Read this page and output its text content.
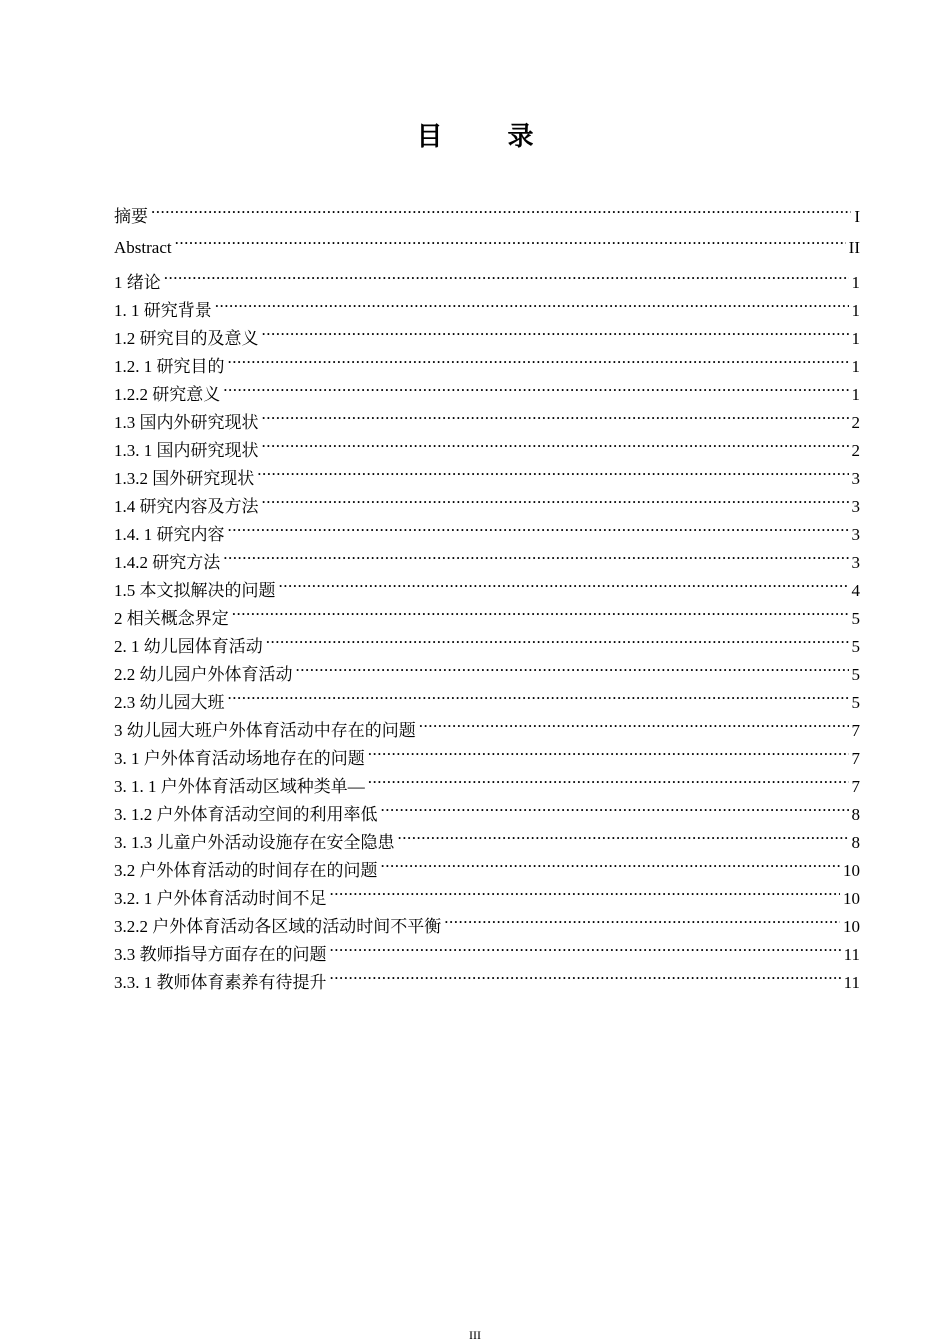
目 录
摘要 .....	I
Abstract .....	II
1 绪论 .....	1
1. 1 研究背景 .....	1
1.2 研究目的及意义 .....	1
1.2. 1 研究目的 .....	1
1.2.2 研究意义 .....	1
1.3 国内外研究现状 .....	2
1.3. 1 国内研究现状 .....	2
1.3.2 国外研究现状 .....	3
1.4 研究内容及方法 .....	3
1.4. 1 研究内容 .....	3
1.4.2 研究方法 .....	3
1.5 本文拟解决的问题 .....	4
2 相关概念界定 .....	5
2. 1 幼儿园体育活动 .....	5
2.2 幼儿园户外体育活动 .....	5
2.3 幼儿园大班 .....	5
3 幼儿园大班户外体育活动中存在的问题 .....	7
3. 1 户外体育活动场地存在的问题 .....	7
3. 1. 1 户外体育活动区域种类单— .....	7
3. 1.2 户外体育活动空间的利用率低 .....	8
3. 1.3 儿童户外活动设施存在安全隐患 .....	8
3.2 户外体育活动的时间存在的问题 .....	10
3.2. 1 户外体育活动时间不足 .....	10
3.2.2 户外体育活动各区域的活动时间不平衡 .....	10
3.3 教师指导方面存在的问题 .....	11
3.3. 1 教师体育素养有待提升 .....	11
III
